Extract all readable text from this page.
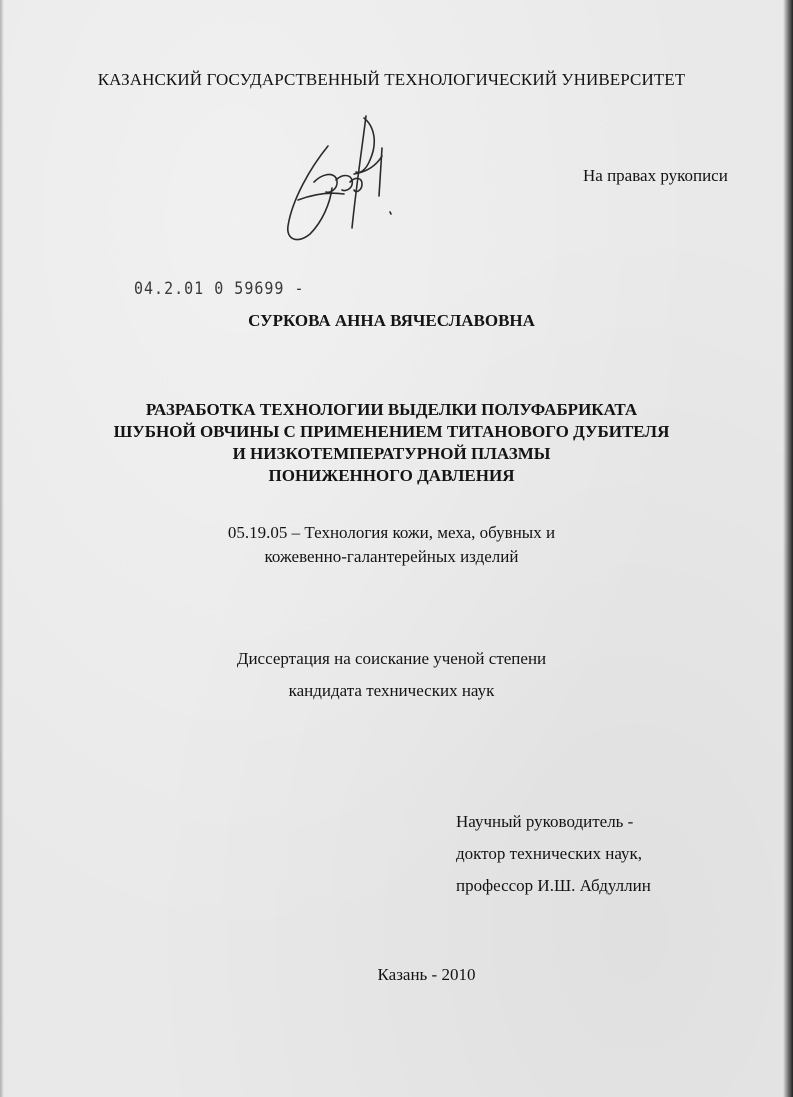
КАЗАНСКИЙ ГОСУДАРСТВЕННЫЙ ТЕХНОЛОГИЧЕСКИЙ УНИВЕРСИТЕТ
На правах рукописи
04.2.01 0 59699 -
СУРКОВА АННА ВЯЧЕСЛАВОВНА
РАЗРАБОТКА ТЕХНОЛОГИИ ВЫДЕЛКИ ПОЛУФАБРИКАТА
ШУБНОЙ ОВЧИНЫ С ПРИМЕНЕНИЕМ ТИТАНОВОГО ДУБИТЕЛЯ
И НИЗКОТЕМПЕРАТУРНОЙ ПЛАЗМЫ
ПОНИЖЕННОГО ДАВЛЕНИЯ
05.19.05 – Технология кожи, меха, обувных и
кожевенно-галантерейных изделий
Диссертация на соискание ученой степени
кандидата технических наук
Научный руководитель -
доктор технических наук,
профессор И.Ш. Абдуллин
Казань - 2010
